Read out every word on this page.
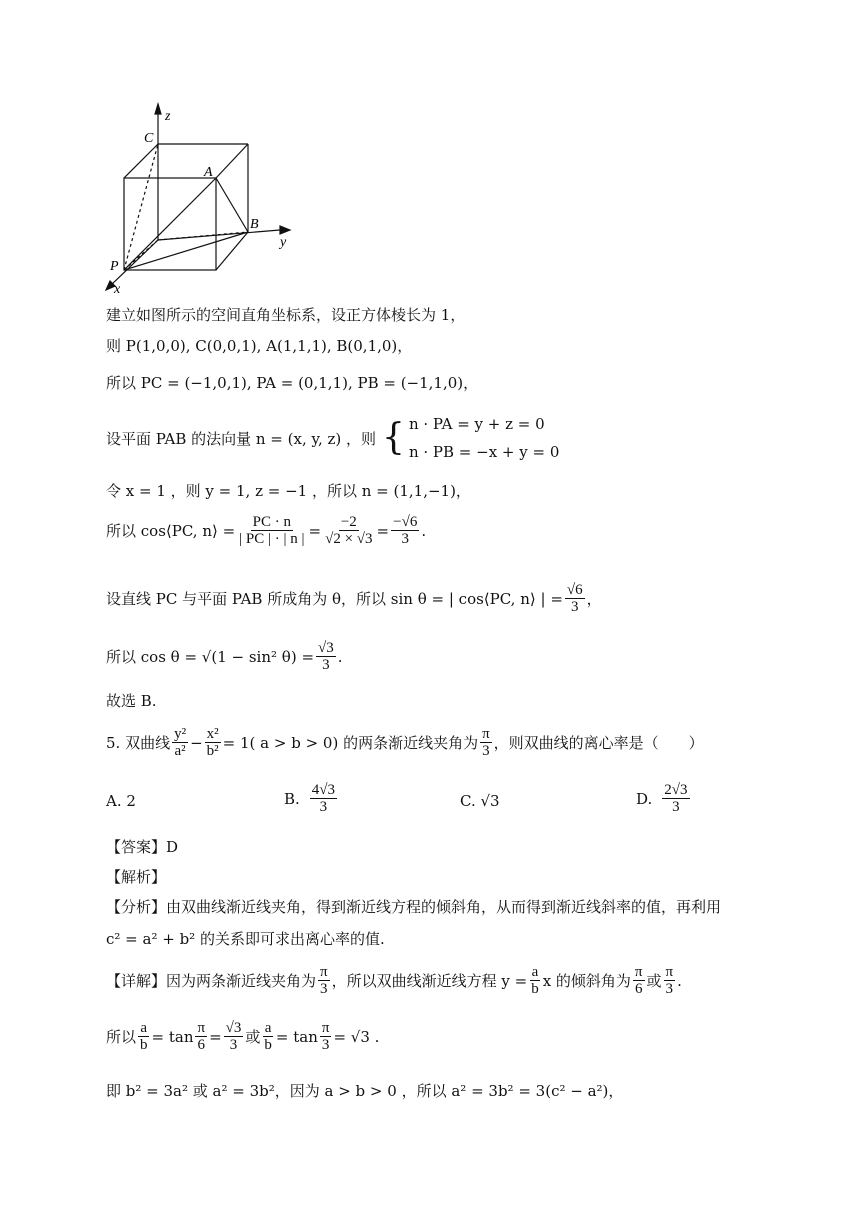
z
y
x
C
A
B
P
建立如图所示的空间直角坐标系，设正方体棱长为 1，
则 P(1,0,0), C(0,0,1), A(1,1,1), B(0,1,0)，
所以 PC = (−1,0,1), PA = (0,1,1), PB = (−1,1,0)，
设平面 PAB 的法向量 n = (x, y, z) ，则 { n · PA = y + z = 0
n · PB = −x + y = 0
令 x = 1 ，则 y = 1, z = −1 ，所以 n = (1,1,−1)，
所以 cos⟨PC, n⟩ = $\frac{PC \cdot n}{| PC | \cdot | n |} = \frac{-2}{√2 \times √3} = \frac{-√6}{3}$ .
设直线 PC 与平面 PAB 所成角为 θ，所以 sin θ = | cos⟨PC, n⟩ | = $\frac{√6}{3}$ ，
所以 cos θ = √(1 − sin² $\theta) = \frac{√3}{3}$ .
故选 B.
5. 双曲线 $\frac{\text{y²}}{\text{a²}} - \frac{\text{x²}}{\text{b²}} = 1$( a > b > 0) 的两条渐近线夹角为 $\frac{\pi}{3}$ ，则双曲线的离心率是（　　）
A. 2	B. $\frac{4√3}{3}$	C. √3	D. $\frac{2√3}{3}$
【答案】D
【解析】
【分析】由双曲线渐近线夹角，得到渐近线方程的倾斜角，从而得到渐近线斜率的值，再利用
c² = a² + b² 的关系即可求出离心率的值.
【详解】因为两条渐近线夹角为 $\frac{\pi}{3}$ ，所以双曲线渐近线方程 $y = \frac{a}{b}$ x 的倾斜角为 $\frac{\pi}{6}$ 或 $\frac{\pi}{3}$ .
所以 $\frac{a}{b} = \tan \frac{\pi}{6} = \frac{√3}{3}$ 或 $\frac{a}{b} = \tan \frac{\pi}{3} = √3$ .
即 b² = 3a² 或 a² = 3b²，因为 a > b > 0 ，所以 a² = 3b² = 3(c² − a²)，
